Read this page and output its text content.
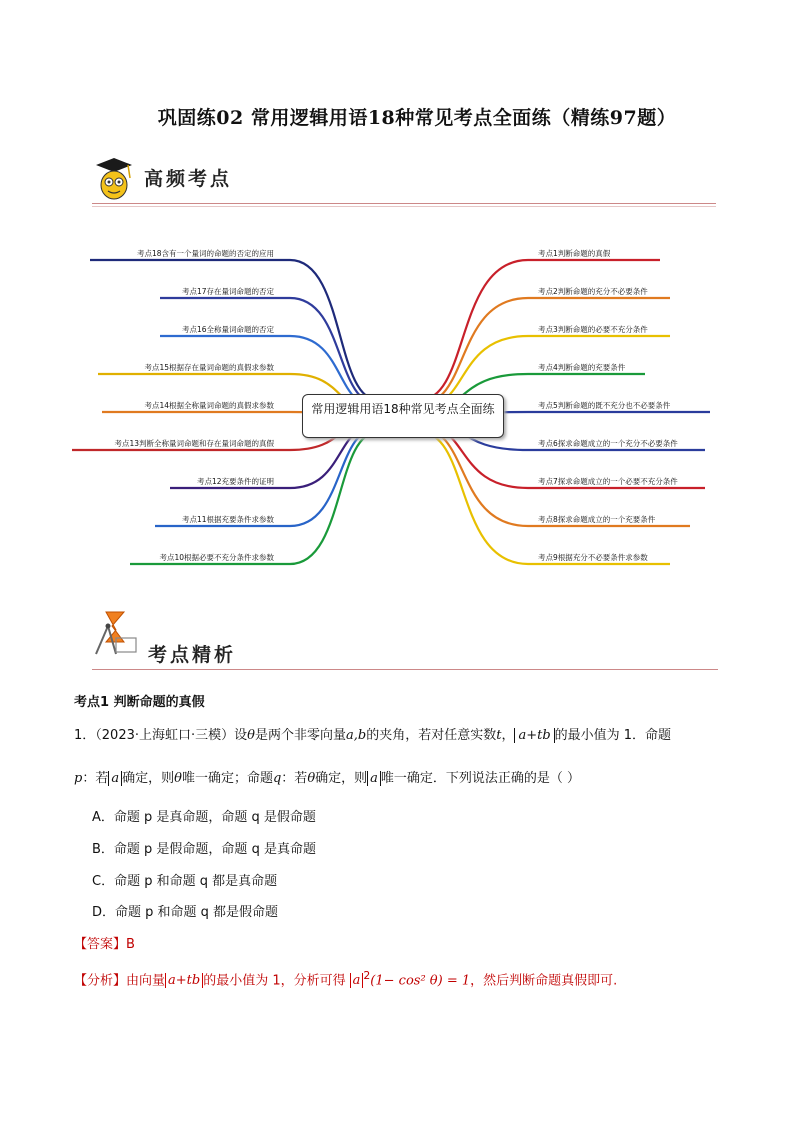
巩固练02 常用逻辑用语18种常见考点全面练（精练97题）
高频考点
考点18含有一个量词的命题的否定的应用
考点17存在量词命题的否定
考点16全称量词命题的否定
考点15根据存在量词命题的真假求参数
考点14根据全称量词命题的真假求参数
考点13判断全称量词命题和存在量词命题的真假
考点12充要条件的证明
考点11根据充要条件求参数
考点10根据必要不充分条件求参数
考点1判断命题的真假
考点2判断命题的充分不必要条件
考点3判断命题的必要不充分条件
考点4判断命题的充要条件
考点5判断命题的既不充分也不必要条件
考点6探求命题成立的一个充分不必要条件
考点7探求命题成立的一个必要不充分条件
考点8探求命题成立的一个充要条件
考点9根据充分不必要条件求参数
常用逻辑用语18种常见考点全面练
考点精析
考点1 判断命题的真假
1．（2023·上海虹口·三模）设θ是两个非零向量a,b的夹角，若对任意实数t， a+tb 的最小值为 1．命题
p：若 a 确定，则θ唯一确定；命题q：若θ确定，则 a 唯一确定．下列说法正确的是（ ）
A．命题 p 是真命题，命题 q 是假命题
B．命题 p 是假命题，命题 q 是真命题
C．命题 p 和命题 q 都是真命题
D．命题 p 和命题 q 都是假命题
【答案】B
【分析】由向量 a+tb 的最小值为 1，分析可得 a $^2$(1− cos² θ) = 1，然后判断命题真假即可.
